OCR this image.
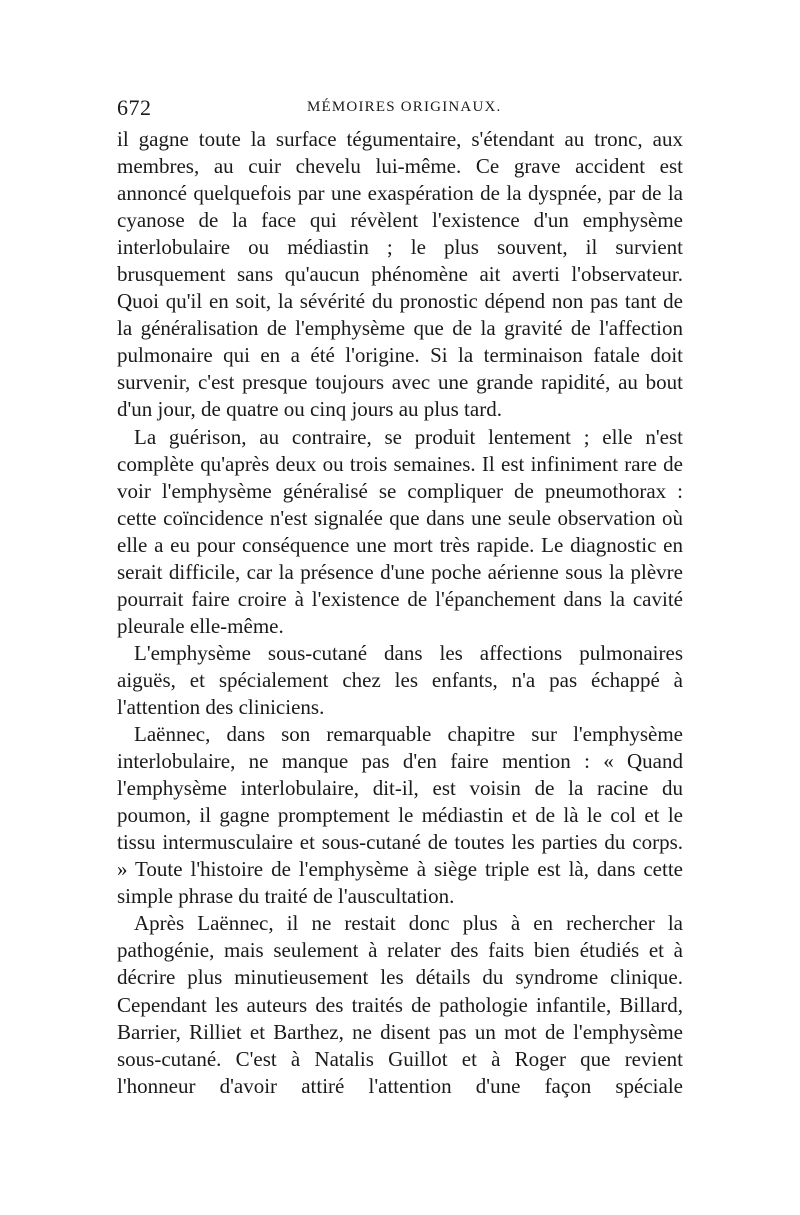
672	MÉMOIRES ORIGINAUX.

il gagne toute la surface tégumentaire, s'étendant au tronc, aux membres, au cuir chevelu lui-même. Ce grave accident est annoncé quelquefois par une exaspération de la dyspnée, par de la cyanose de la face qui révèlent l'existence d'un emphysème interlobulaire ou médiastin ; le plus souvent, il survient brusquement sans qu'aucun phénomène ait averti l'observateur. Quoi qu'il en soit, la sévérité du pronostic dépend non pas tant de la généralisation de l'emphysème que de la gravité de l'affection pulmonaire qui en a été l'origine. Si la terminaison fatale doit survenir, c'est presque toujours avec une grande rapidité, au bout d'un jour, de quatre ou cinq jours au plus tard.

La guérison, au contraire, se produit lentement ; elle n'est complète qu'après deux ou trois semaines. Il est infiniment rare de voir l'emphysème généralisé se compliquer de pneumothorax : cette coïncidence n'est signalée que dans une seule observation où elle a eu pour conséquence une mort très rapide. Le diagnostic en serait difficile, car la présence d'une poche aérienne sous la plèvre pourrait faire croire à l'existence de l'épanchement dans la cavité pleurale elle-même.

L'emphysème sous-cutané dans les affections pulmonaires aiguës, et spécialement chez les enfants, n'a pas échappé à l'attention des cliniciens.

Laënnec, dans son remarquable chapitre sur l'emphysème interlobulaire, ne manque pas d'en faire mention : « Quand l'emphysème interlobulaire, dit-il, est voisin de la racine du poumon, il gagne promptement le médiastin et de là le col et le tissu intermusculaire et sous-cutané de toutes les parties du corps. » Toute l'histoire de l'emphysème à siège triple est là, dans cette simple phrase du traité de l'auscultation.

Après Laënnec, il ne restait donc plus à en rechercher la pathogénie, mais seulement à relater des faits bien étudiés et à décrire plus minutieusement les détails du syndrome clinique. Cependant les auteurs des traités de pathologie infantile, Billard, Barrier, Rilliet et Barthez, ne disent pas un mot de l'emphysème sous-cutané. C'est à Natalis Guillot et à Roger que revient l'honneur d'avoir attiré l'attention d'une façon spéciale
